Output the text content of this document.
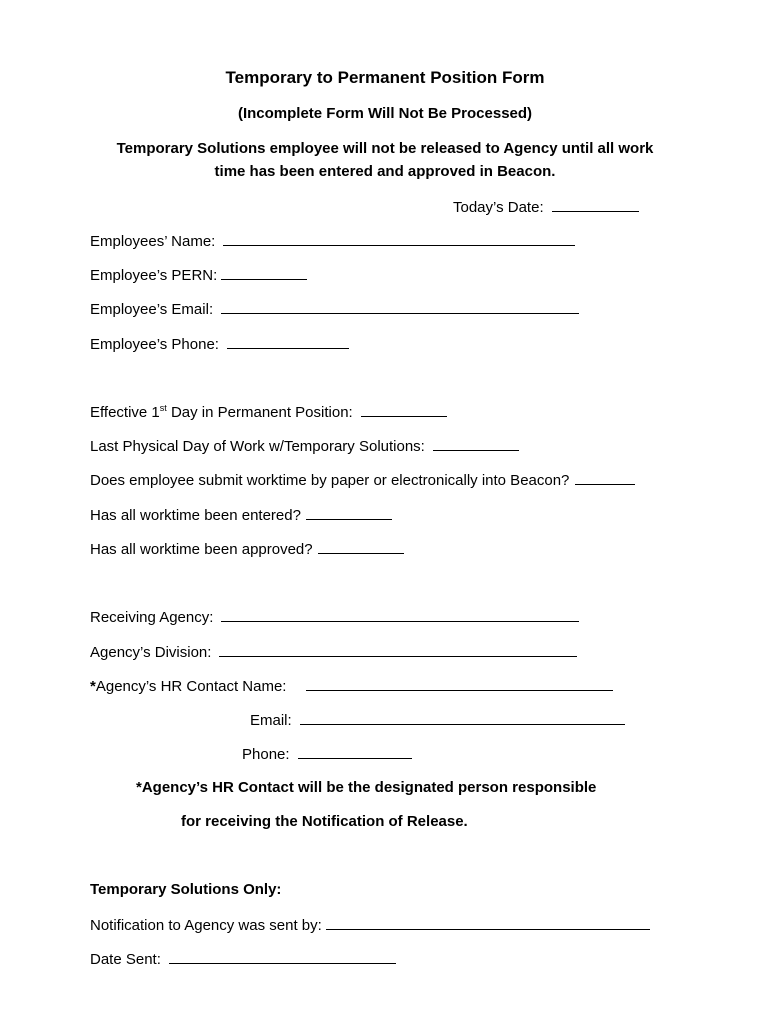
Temporary to Permanent Position Form
(Incomplete Form Will Not Be Processed)
Temporary Solutions employee will not be released to Agency until all work
time has been entered and approved in Beacon.
Today’s Date:
Employees’ Name:
Employee’s PERN:
Employee’s Email:
Employee’s Phone:
Effective 1st Day in Permanent Position:
Last Physical Day of Work w/Temporary Solutions:
Does employee submit worktime by paper or electronically into Beacon?
Has all worktime been entered?
Has all worktime been approved?
Receiving Agency:
Agency’s Division:
*Agency’s HR Contact Name:
Email:
Phone:
*Agency’s HR Contact will be the designated person responsible
for receiving the Notification of Release.
Temporary Solutions Only:
Notification to Agency was sent by:
Date Sent:
